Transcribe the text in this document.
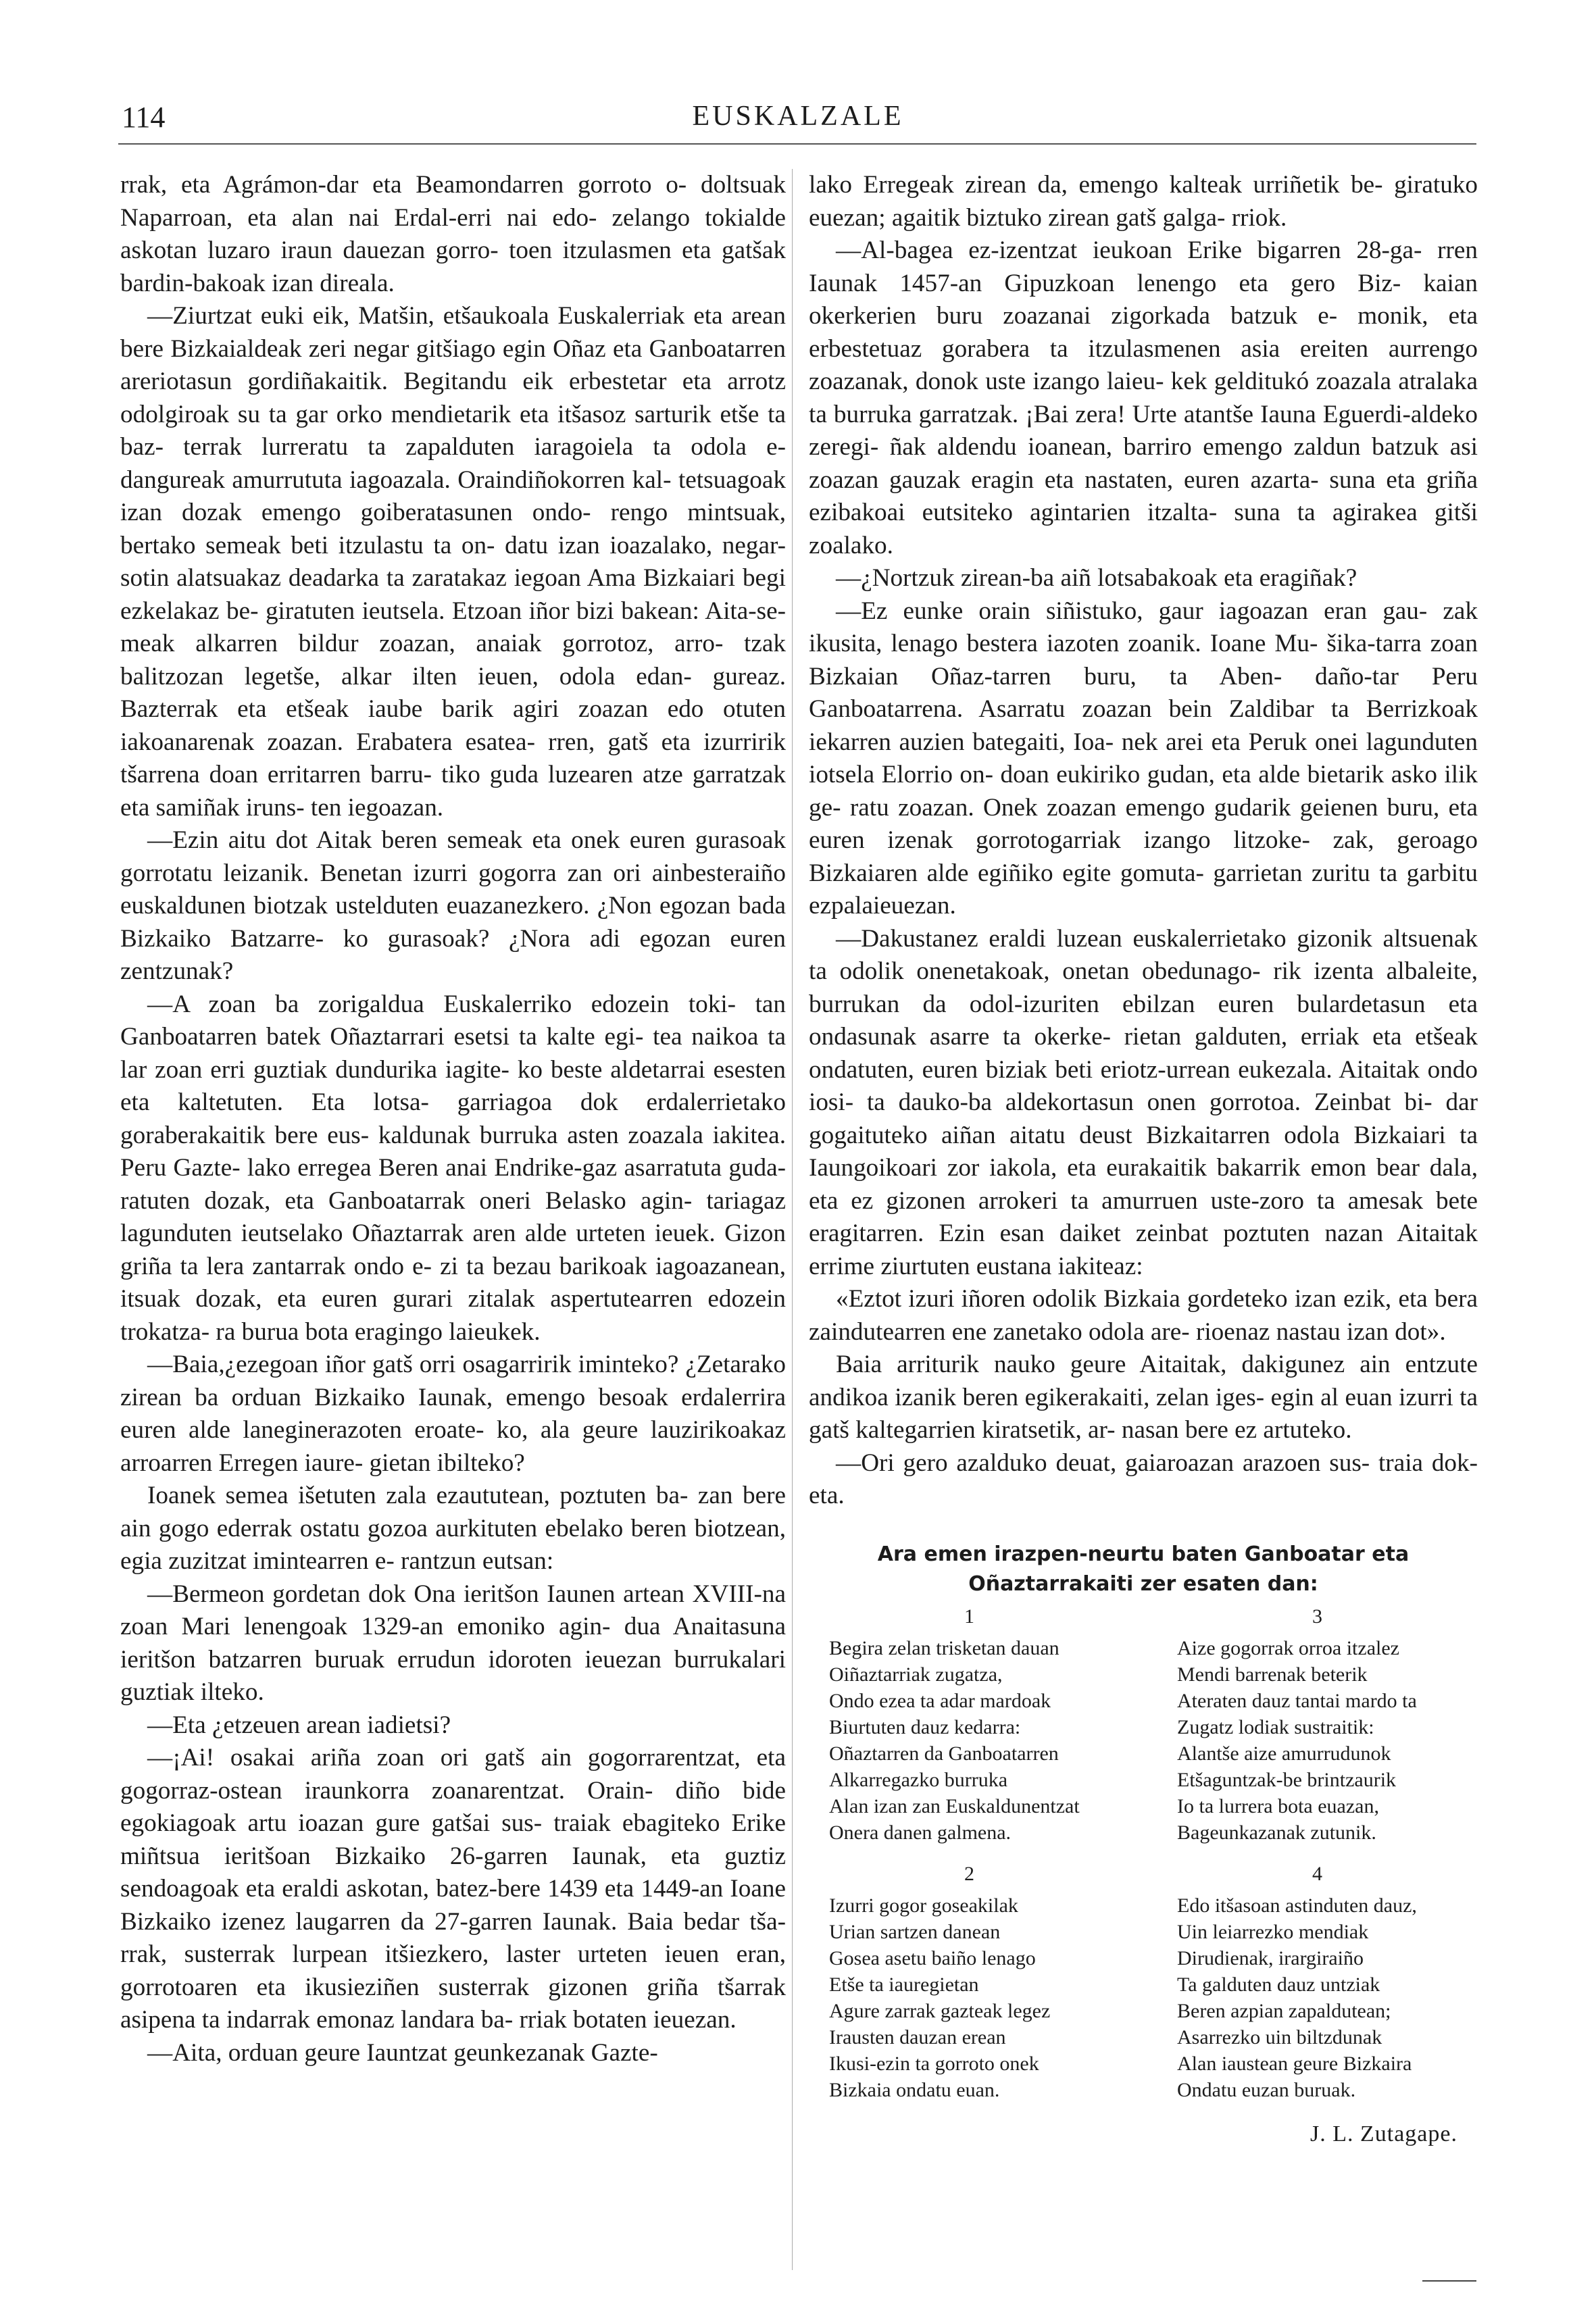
114	EUSKALZALE

rrak, eta Agrámon-dar eta Beamondarren gorroto o- doltsuak Naparroan, eta alan nai Erdal-erri nai edo- zelango tokialde askotan luzaro iraun dauezan gorro- toen itzulasmen eta gatšak bardin-bakoak izan direala.

—Ziurtzat euki eik, Matšin, etšaukoala Euskalerriak eta arean bere Bizkaialdeak zeri negar gitšiago egin Oñaz eta Ganboatarren areriotasun gordiñakaitik. Begitandu eik erbestetar eta arrotz odolgiroak su ta gar orko mendietarik eta itšasoz sarturik etše ta baz- terrak lurreratu ta zapalduten iaragoiela ta odola e- dangureak amurrututa iagoazala. Oraindiñokorren kal- tetsuagoak izan dozak emengo goiberatasunen ondo- rengo mintsuak, bertako semeak beti itzulastu ta on- datu izan ioazalako, negar-sotin alatsuakaz deadarka ta zaratakaz iegoan Ama Bizkaiari begi ezkelakaz be- giratuten ieutsela. Etzoan iñor bizi bakean: Aita-se- meak alkarren bildur zoazan, anaiak gorrotoz, arro- tzak balitzozan legetše, alkar ilten ieuen, odola edan- gureaz. Bazterrak eta etšeak iaube barik agiri zoazan edo otuten iakoanarenak zoazan. Erabatera esatea- rren, gatš eta izurririk tšarrena doan erritarren barru- tiko guda luzearen atze garratzak eta samiñak iruns- ten iegoazan.

—Ezin aitu dot Aitak beren semeak eta onek euren gurasoak gorrotatu leizanik. Benetan izurri gogorra zan ori ainbesteraiño euskaldunen biotzak ustelduten euazanezkero. ¿Non egozan bada Bizkaiko Batzarre- ko gurasoak? ¿Nora adi egozan euren zentzunak?

—A zoan ba zorigaldua Euskalerriko edozein toki- tan Ganboatarren batek Oñaztarrari esetsi ta kalte egi- tea naikoa ta lar zoan erri guztiak dundurika iagite- ko beste aldetarrai esesten eta kaltetuten. Eta lotsa- garriagoa dok erdalerrietako goraberakaitik bere eus- kaldunak burruka asten zoazala iakitea. Peru Gazte- lako erregea Beren anai Endrike-gaz asarratuta guda- ratuten dozak, eta Ganboatarrak oneri Belasko agin- tariagaz lagunduten ieutselako Oñaztarrak aren alde urteten ieuek. Gizon griña ta lera zantarrak ondo e- zi ta bezau barikoak iagoazanean, itsuak dozak, eta euren gurari zitalak aspertutearren edozein trokatza- ra burua bota eragingo laieukek.

—Baia,¿ezegoan iñor gatš orri osagarririk iminteko? ¿Zetarako zirean ba orduan Bizkaiko Iaunak, emengo besoak erdalerrira euren alde laneginerazoten eroate- ko, ala geure lauzirikoakaz arroarren Erregen iaure- gietan ibilteko?

Ioanek semea išetuten zala ezaututean, poztuten ba- zan bere ain gogo ederrak ostatu gozoa aurkituten ebelako beren biotzean, egia zuzitzat imintearren e- rantzun eutsan:

—Bermeon gordetan dok Ona ieritšon Iaunen artean XVIII-na zoan Mari lenengoak 1329-an emoniko agin- dua Anaitasuna ieritšon batzarren buruak errudun idoroten ieuezan burrukalari guztiak ilteko.

—Eta ¿etzeuen arean iadietsi?

—¡Ai! osakai ariña zoan ori gatš ain gogorrarentzat, eta gogorraz-ostean iraunkorra zoanarentzat. Orain- diño bide egokiagoak artu ioazan gure gatšai sus- traiak ebagiteko Erike miñtsua ieritšoan Bizkaiko 26-garren Iaunak, eta guztiz sendoagoak eta eraldi askotan, batez-bere 1439 eta 1449-an Ioane Bizkaiko izenez laugarren da 27-garren Iaunak. Baia bedar tša- rrak, susterrak lurpean itšiezkero, laster urteten ieuen eran, gorrotoaren eta ikusieziñen susterrak gizonen griña tšarrak asipena ta indarrak emonaz landara ba- rriak botaten ieuezan.

—Aita, orduan geure Iauntzat geunkezanak Gazte-

lako Erregeak zirean da, emengo kalteak urriñetik be- giratuko euezan; agaitik biztuko zirean gatš galga- rriok.

—Al-bagea ez-izentzat ieukoan Erike bigarren 28-ga- rren Iaunak 1457-an Gipuzkoan lenengo eta gero Biz- kaian okerkerien buru zoazanai zigorkada batzuk e- monik, eta erbestetuaz gorabera ta itzulasmenen asia ereiten aurrengo zoazanak, donok uste izango laieu- kek gelditukó zoazala atralaka ta burruka garratzak. ¡Bai zera! Urte atantše Iauna Eguerdi-aldeko zeregi- ñak aldendu ioanean, barriro emengo zaldun batzuk asi zoazan gauzak eragin eta nastaten, euren azarta- suna eta griña ezibakoai eutsiteko agintarien itzalta- suna ta agirakea gitši zoalako.

—¿Nortzuk zirean-ba aiñ lotsabakoak eta eragiñak?

—Ez eunke orain siñistuko, gaur iagoazan eran gau- zak ikusita, lenago bestera iazoten zoanik. Ioane Mu- šika-tarra zoan Bizkaian Oñaz-tarren buru, ta Aben- daño-tar Peru Ganboatarrena. Asarratu zoazan bein Zaldibar ta Berrizkoak iekarren auzien bategaiti, Ioa- nek arei eta Peruk onei lagunduten iotsela Elorrio on- doan eukiriko gudan, eta alde bietarik asko ilik ge- ratu zoazan. Onek zoazan emengo gudarik geienen buru, eta euren izenak gorrotogarriak izango litzoke- zak, geroago Bizkaiaren alde egiñiko egite gomuta- garrietan zuritu ta garbitu ezpalaieuezan.

—Dakustanez eraldi luzean euskalerrietako gizonik altsuenak ta odolik onenetakoak, onetan obedunago- rik izenta albaleite, burrukan da odol-izuriten ebilzan euren bulardetasun eta ondasunak asarre ta okerke- rietan galduten, erriak eta etšeak ondatuten, euren biziak beti eriotz-urrean eukezala. Aitaitak ondo iosi- ta dauko-ba aldekortasun onen gorrotoa. Zeinbat bi- dar gogaituteko aiñan aitatu deust Bizkaitarren odola Bizkaiari ta Iaungoikoari zor iakola, eta eurakaitik bakarrik emon bear dala, eta ez gizonen arrokeri ta amurruen uste-zoro ta amesak bete eragitarren. Ezin esan daiket zeinbat poztuten nazan Aitaitak errime ziurtuten eustana iakiteaz:

«Eztot izuri iñoren odolik Bizkaia gordeteko izan ezik, eta bera zaindutearren ene zanetako odola are- rioenaz nastau izan dot».

Baia arriturik nauko geure Aitaitak, dakigunez ain entzute andikoa izanik beren egikerakaiti, zelan iges- egin al euan izurri ta gatš kaltegarrien kiratsetik, ar- nasan bere ez artuteko.

—Ori gero azalduko deuat, gaiaroazan arazoen sus- traia dok-eta.

Ara emen irazpen-neurtu baten Ganboatar eta Oñaztarrakaiti zer esaten dan:
1
Begira zelan trisketan dauan
Oiñaztarriak zugatza,
Ondo ezea ta adar mardoak
Biurtuten dauz kedarra:
Oñaztarren da Ganboatarren
Alkarregazko burruka
Alan izan zan Euskaldunentzat
Onera danen galmena.
3
Aize gogorrak orroa itzalez
Mendi barrenak beterik
Ateraten dauz tantai mardo ta
Zugatz lodiak sustraitik:
Alantše aize amurrudunok
Etšaguntzak-be brintzaurik
Io ta lurrera bota euazan,
Bageunkazanak zutunik.
2
Izurri gogor goseakilak
Urian sartzen danean
Gosea asetu baiño lenago
Etše ta iauregietan
Agure zarrak gazteak legez
Irausten dauzan erean
Ikusi-ezin ta gorroto onek
Bizkaia ondatu euan.
4
Edo itšasoan astinduten dauz,
Uin leiarrezko mendiak
Dirudienak, irargiraiño
Ta galduten dauz untziak
Beren azpian zapaldutean;
Asarrezko uin biltzdunak
Alan iaustean geure Bizkaira
Ondatu euzan buruak.
J. L. Zutagape.
